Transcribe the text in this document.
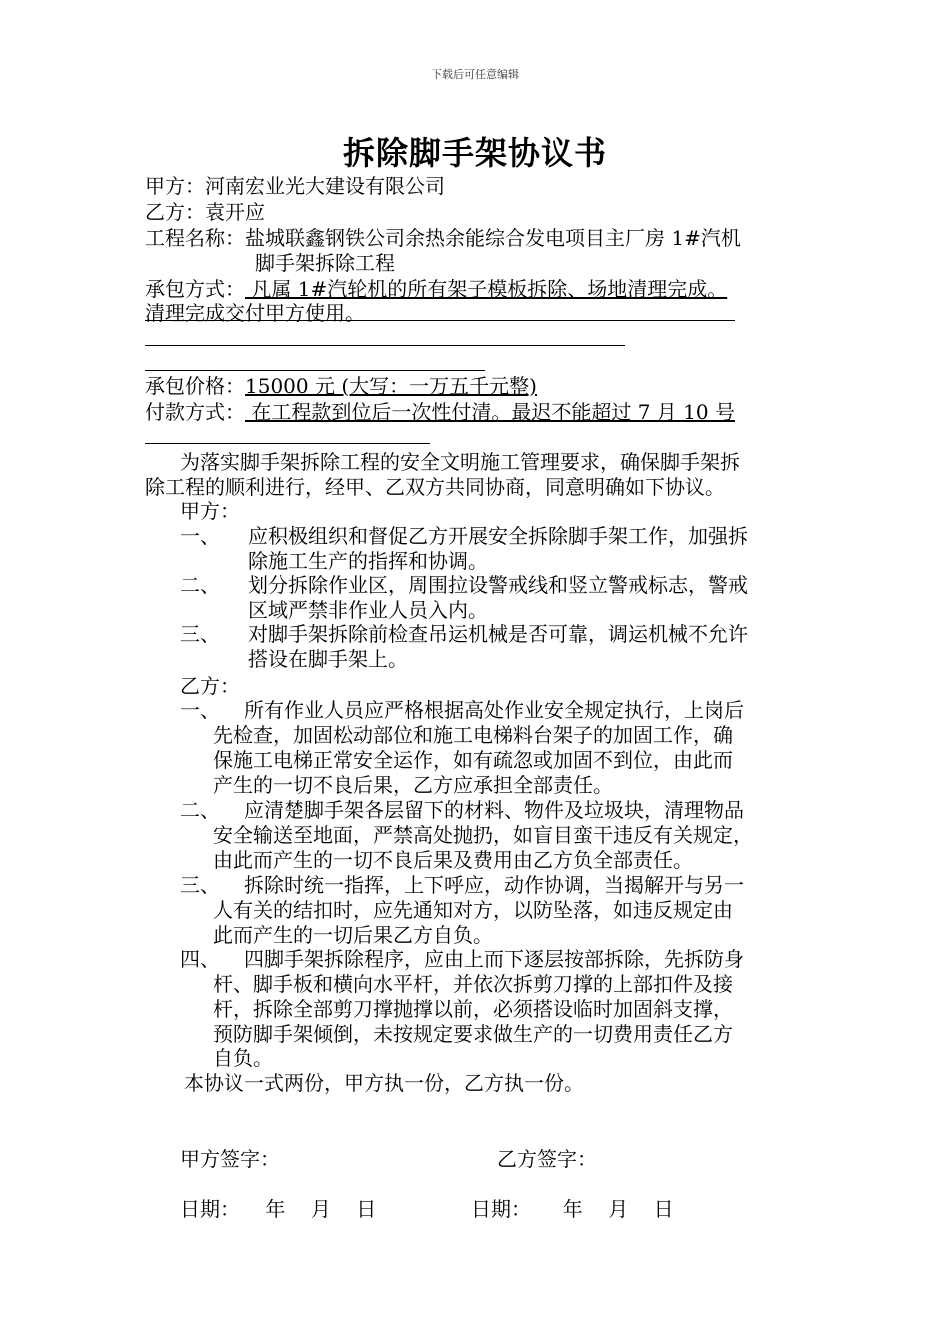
下载后可任意编辑
拆除脚手架协议书
甲方：河南宏业光大建设有限公司
乙方：袁开应
工程名称：盐城联鑫钢铁公司余热余能综合发电项目主厂房 1#汽机
脚手架拆除工程
承包方式： 凡属 1#汽轮机的所有架子模板拆除、场地清理完成。
清理完成交付甲方使用。
承包价格：15000 元 (大写：一万五千元整)
付款方式： 在工程款到位后一次性付清。最迟不能超过 7 月 10 号
为落实脚手架拆除工程的安全文明施工管理要求，确保脚手架拆
除工程的顺利进行，经甲、乙双方共同协商，同意明确如下协议。
甲方：
一、 应积极组织和督促乙方开展安全拆除脚手架工作，加强拆
除施工生产的指挥和协调。
二、 划分拆除作业区，周围拉设警戒线和竖立警戒标志，警戒
区域严禁非作业人员入内。
三、 对脚手架拆除前检查吊运机械是否可靠，调运机械不允许
搭设在脚手架上。
乙方：
一、 所有作业人员应严格根据高处作业安全规定执行，上岗后
先检查，加固松动部位和施工电梯料台架子的加固工作，确
保施工电梯正常安全运作，如有疏忽或加固不到位，由此而
产生的一切不良后果，乙方应承担全部责任。
二、 应清楚脚手架各层留下的材料、物件及垃圾块，清理物品
安全输送至地面，严禁高处抛扔，如盲目蛮干违反有关规定，
由此而产生的一切不良后果及费用由乙方负全部责任。
三、 拆除时统一指挥，上下呼应，动作协调，当揭解开与另一
人有关的结扣时，应先通知对方，以防坠落，如违反规定由
此而产生的一切后果乙方自负。
四、 四脚手架拆除程序，应由上而下逐层按部拆除，先拆防身
杆、脚手板和横向水平杆，并依次拆剪刀撑的上部扣件及接
杆，拆除全部剪刀撑抛撑以前，必须搭设临时加固斜支撑，
预防脚手架倾倒，未按规定要求做生产的一切费用责任乙方
自负。
本协议一式两份，甲方执一份，乙方执一份。
甲方签字：	乙方签字：
日期：    年    月    日	日期：     年    月    日
